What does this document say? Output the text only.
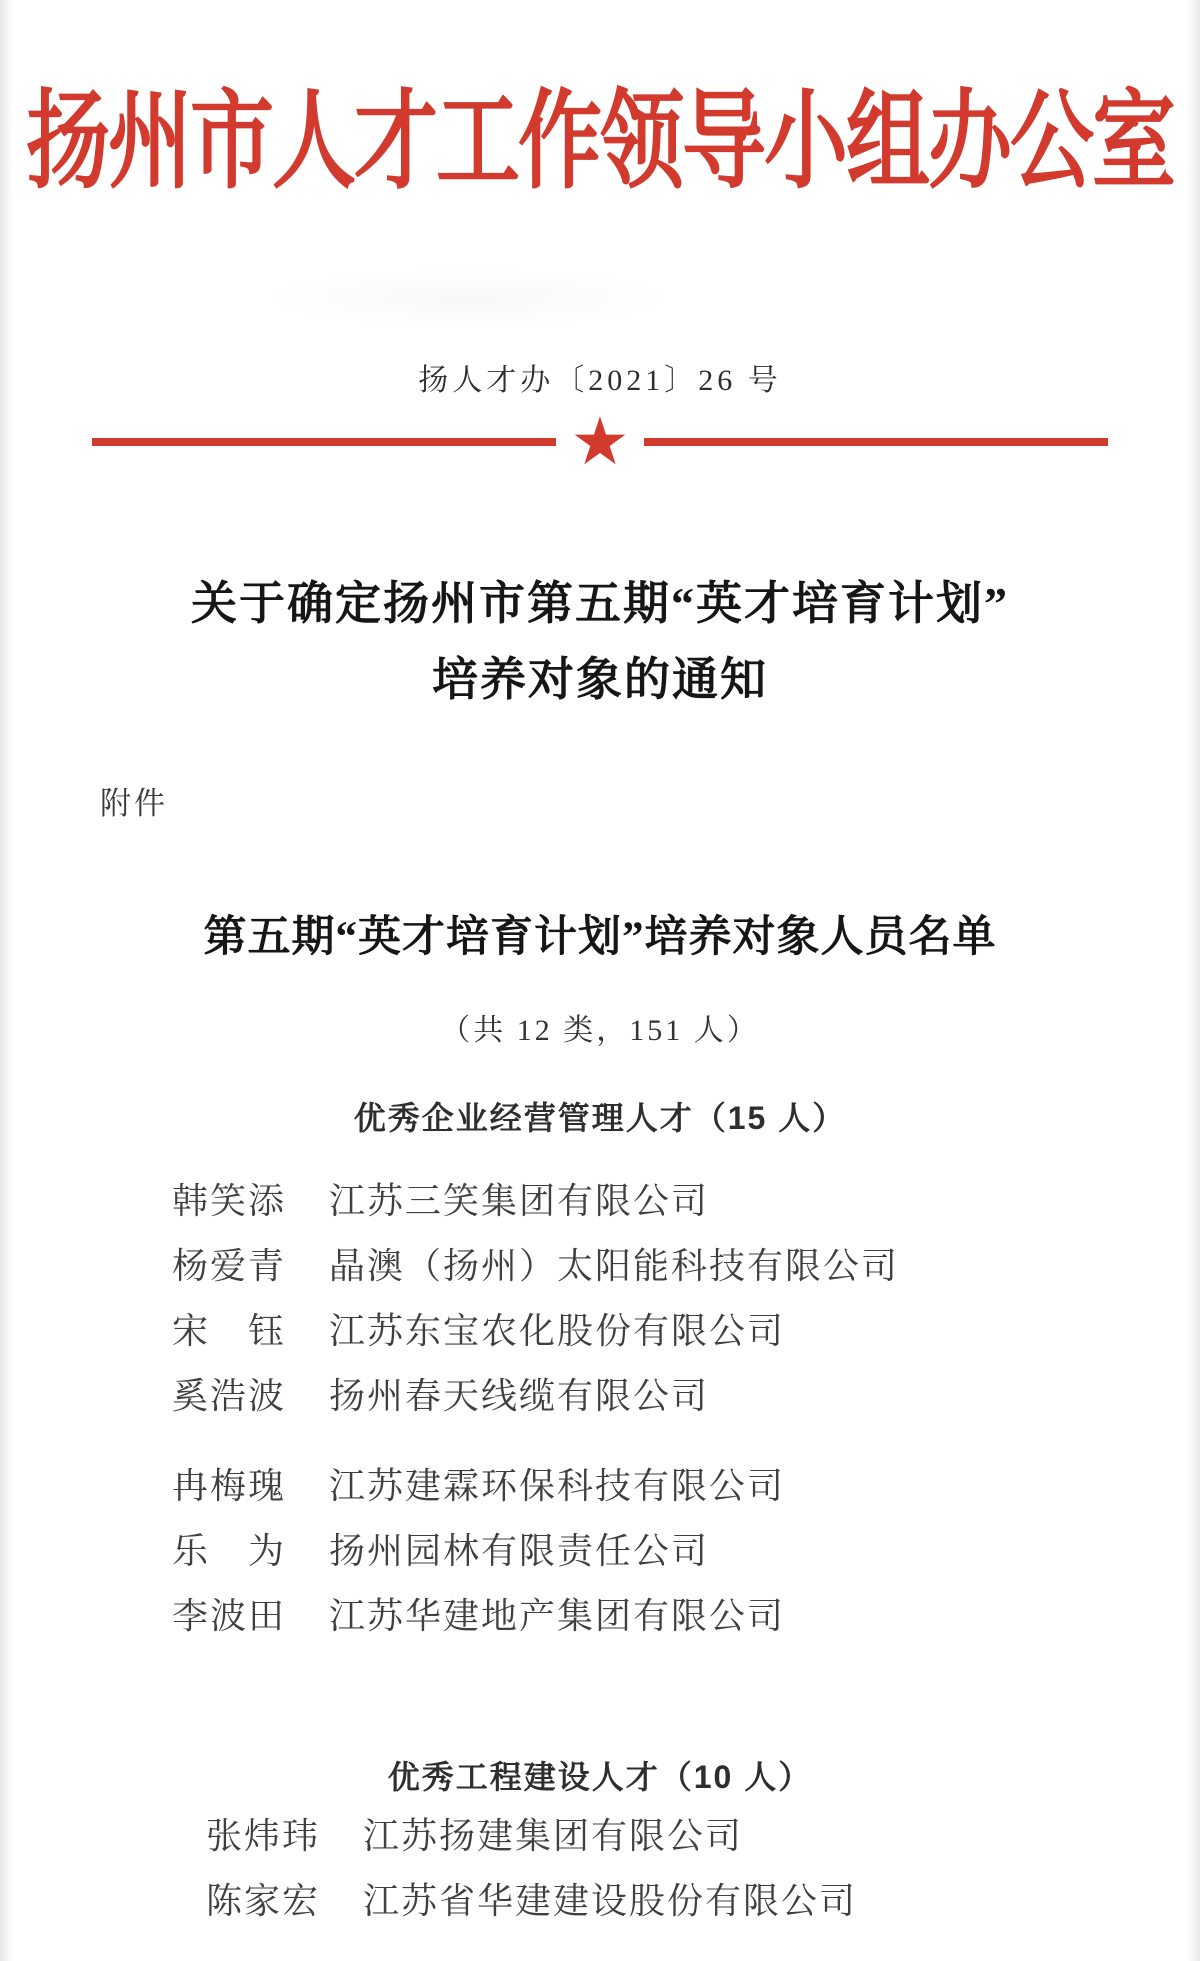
扬州市人才工作领导小组办公室
扬人才办〔2021〕26 号
★
关于确定扬州市第五期“英才培育计划”
培养对象的通知
附件
第五期“英才培育计划”培养对象人员名单
（共 12 类，151 人）
优秀企业经营管理人才（15 人）
韩笑添 江苏三笑集团有限公司
杨爱青 晶澳（扬州）太阳能科技有限公司
宋　钰 江苏东宝农化股份有限公司
奚浩波 扬州春天线缆有限公司
冉梅瑰 江苏建霖环保科技有限公司
乐　为 扬州园林有限责任公司
李波田 江苏华建地产集团有限公司
优秀工程建设人才（10 人）
张炜玮 江苏扬建集团有限公司
陈家宏 江苏省华建建设股份有限公司
